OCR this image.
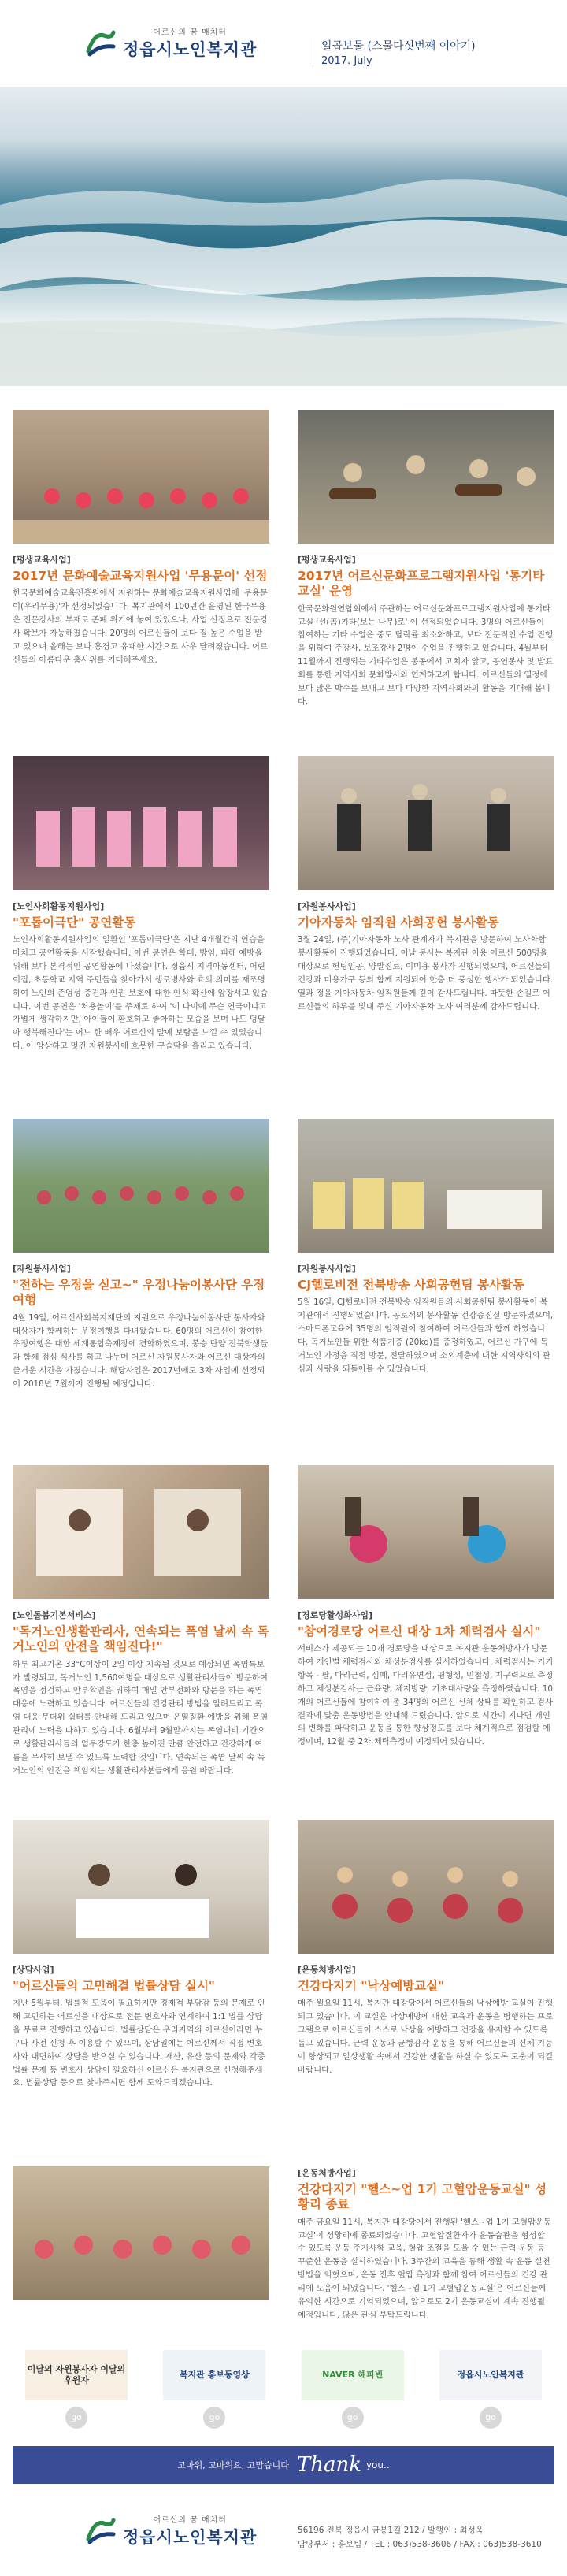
어르신의 꿈 매치터
정읍시노인복지관	일곱보물 (스물다섯번째 이야기)
2017. July
[평생교육사업]
2017년 문화예술교육지원사업 '무용문이' 선정
한국문화예술교육진흥원에서 지원하는 문화예술교육지원사업에 '무용문이(우리무용)'가 선정되었습니다. 복지관에서 100년간 운영된 한국무용은 전문강사의 부재로 존폐 위기에 놓여 있었으나, 사업 선정으로 전문강사 확보가 가능해졌습니다. 20명의 어르신들이 보다 질 높은 수업을 받고 있으며 올해는 보다 흥겹고 유쾌한 시간으로 사우 달려졌습니다. 어르신들의 아름다운 춤사위를 기대해주세요.
[평생교육사업]
2017년 어르신문화프로그램지원사업 '통기타교실' 운영
한국문화원연합회에서 주관하는 어르신문화프로그램지원사업에 통기타교실 '선(善)기타(보는 나무)로' 이 선정되었습니다. 3명의 어르신들이 참여하는 기타 수업은 중도 탈락률 최소화하고, 보다 전문적인 수업 진행을 위하여 주강사, 보조강사 2명이 수업을 진행하고 있습니다. 4월부터 11월까지 진행되는 기타수업은 봉동에서 고치자 앞고, 공연봉사 및 발표회를 통한 지역사회 문화발사와 연계하고자 합니다. 어르신들의 열정에 보다 많은 박수를 보내고 보다 다양한 지역사회와의 활동을 기대해 봅니다.
[노인사회활동지원사업]
"포톱이극단" 공연활동
노인사회활동지원사업의 일환인 '포톱이극단'은 지난 4개월간의 연습을 마치고 공연활동을 시작했습니다. 이번 공연은 학대, 방임, 피해 예방을 위해 보다 본격적인 공연활동에 나섰습니다. 정읍시 지역아동센터, 어린이집, 초등학교 지역 주민들을 찾아가서 생로병사와 효의 의미를 재조명하여 노인의 존엄성 증진과 인권 보호에 대한 인식 확산에 앞장서고 있습니다. 이번 공연은 '처용놀이'를 주제로 하여 '이 나이에 무슨 연극이냐고 가볍게 생각하지만, 아이들이 환호하고 좋아하는 모습을 보며 나도 덩달아 행복해진다'는 어느 한 배우 어르신의 말에 보람을 느낄 수 있었습니다. 이 앙상하고 멋진 자원봉사에 흐뭇한 구슬땀을 흘리고 있습니다.
[자원봉사사업]
기아자동차 임직원 사회공헌 봉사활동
3월 24일, (주)기아자동차 노사 관계자가 복지관을 방문하여 노사화합 봉사활동이 진행되었습니다. 이날 봉사는 복지관 이용 어르신 500명을 대상으로 헌팅인공, 양발진료, 이미용 봉사가 진행되었으며, 어르신들의 건강과 미용가구 등의 함께 지원되어 한층 더 풍성한 행사가 되었습니다. 열과 정을 기아자동차 임직원들께 깊이 감사드립니다. 따뜻한 손길로 어르신들의 하루를 빛내 주신 기아자동차 노사 여러분께 감사드립니다.
[자원봉사사업]
"전하는 우정을 싣고~" 우정나눔이봉사단 우정여행
4월 19일, 어르신사회복지재단의 지원으로 우정나눔이봉사단 봉사자와 대상자가 함께하는 우정여행을 다녀왔습니다. 60명의 어르신이 참여한 우정여행은 대한 세계통합축제장에 견학하였으며, 봉승 단양 전북학생들과 함께 점심 식사를 하고 나누며 어르신 자원봉사자와 어르신 대상자의 즐거운 시간을 가졌습니다. 해당사업은 2017년에도 3차 사업에 선정되어 2018년 7월까지 진행될 예정입니다.
[자원봉사사업]
CJ헬로비전 전북방송 사회공헌팀 봉사활동
5월 16일, CJ헬로비전 전북방송 임직원들의 사회공헌팀 봉사활동이 복지관에서 진행되었습니다. 공로석의 봉사활동 건강증진실 방문하였으며, 스마트폰교육에 35명의 임직원이 참여하여 어르신들과 함께 하였습니다. 독거노인들 위한 식품기증 (20kg)를 증정하였고, 어르신 가구에 독거노인 가정을 직접 방문, 전달하였으며 소외계층에 대한 지역사회의 관심과 사랑을 되돌아볼 수 있었습니다.
[노인돌봄기본서비스]
"독거노인생활관리사, 연속되는 폭염 날씨 속 독거노인의 안전을 책임진다!"
하루 최고기온 33°C이상이 2일 이상 지속될 것으로 예상되면 폭염특보가 발령되고, 독거노인 1,560여명을 대상으로 생활관리사들이 방문하여 폭염을 점검하고 안부확인을 위하여 매일 안부전화와 방문을 하는 폭염 대응에 노력하고 있습니다. 어르신들의 건강관리 방법을 알려드리고 폭염 대응 무더위 쉼터를 안내해 드리고 있으며 온열질환 예방을 위해 폭염관리에 노력을 다하고 있습니다. 6월부터 9월말까지는 폭염대비 기간으로 생활관리사들의 업무강도가 한층 높아진 만큼 안전하고 건강하게 여름을 무사히 보낼 수 있도록 노력할 것입니다. 연속되는 폭염 날씨 속 독거노인의 안전을 책임지는 생활관리사분들에게 응원 바랍니다.
[경로당활성화사업]
"참여경로당 어르신 대상 1차 체력검사 실시"
서비스가 제공되는 10개 경로당을 대상으로 복지관 운동처방사가 방문하여 개인별 체력검사와 체성분검사를 실시하였습니다. 체력검사는 기기 항목 - 팔, 다리근력, 심폐, 다리유연성, 평형성, 민첩성, 지구력으로 측정하고 체성분검사는 근육량, 체지방량, 기초대사량을 측정하였습니다. 10개의 어르신들에 참여하여 총 34명의 어르신 신체 상태를 확인하고 검사결과에 맞춤 운동방법을 안내해 드렸습니다. 앞으로 시간이 지나면 개인의 변화를 파악하고 운동을 통한 향상정도를 보다 체계적으로 점검할 예정이며, 12월 중 2차 체력측정이 예정되어 있습니다.
[상담사업]
"어르신들의 고민해결 법률상담 실시"
지난 5월부터, 법률적 도움이 필요하지만 경제적 부담감 등의 문제로 인해 고민하는 어르신을 대상으로 전문 변호사와 연계하여 1:1 법률 상담을 무료로 진행하고 있습니다. 법률상담은 우리지역의 어르신이라면 누구나 사전 신청 후 이용할 수 있으며, 상담일에는 어르신께서 직접 변호사와 대면하여 상담을 받으실 수 있습니다. 재산, 유산 등의 문제와 각종 법률 문제 등 변호사 상담이 필요하신 어르신은 복지관으로 신청해주세요. 법률상담 등으로 찾아주시면 함께 도와드리겠습니다.
[운동처방사업]
건강다지기 "낙상예방교실"
매주 월요일 11시, 복지관 대강당에서 어르신들의 낙상예방 교실이 진행되고 있습니다. 이 교실은 낙상예방에 대한 교육과 운동을 병행하는 프로그램으로 어르신들이 스스로 낙상을 예방하고 건강을 유지할 수 있도록 돕고 있습니다. 근력 운동과 균형감각 운동을 통해 어르신들의 신체 기능이 향상되고 일상생활 속에서 건강한 생활을 하실 수 있도록 도움이 되길 바랍니다.
[운동처방사업]
건강다지기 "헬스~업 1기 고혈압운동교실" 성황리 종료
매주 금요일 11시, 복지관 대강당에서 진행된 '헬스~업 1기 고혈압운동교실'이 성황리에 종료되었습니다. 고혈압질환자가 운동습관을 형성할 수 있도록 운동 주기사항 교육, 혈압 조절을 도울 수 있는 근력 운동 등 꾸준한 운동을 실시하였습니다. 3주간의 교육을 통해 생활 속 운동 실천 방법을 익혔으며, 운동 전후 혈압 측정과 함께 참여 어르신들의 건강 관리에 도움이 되었습니다. '헬스~업 1기 고혈압운동교실'은 어르신들께 유익한 시간으로 기억되었으며, 앞으로도 2기 운동교실이 계속 진행될 예정입니다. 많은 관심 부탁드립니다.
이달의 자원봉사자 이달의 후원자
go
복지관 홍보동영상
go
NAVER 해피빈
go
정읍시노인복지관
go
고마워, 고마워요, 고맙습니다 Thank you..
어르신의 꿈 매치터
정읍시노인복지관	56196 전북 정읍시 금봉1길 212 / 발행인 : 최성욱
담당부서 : 홍보팀 / TEL : 063)538-3606 / FAX : 063)538-3610
